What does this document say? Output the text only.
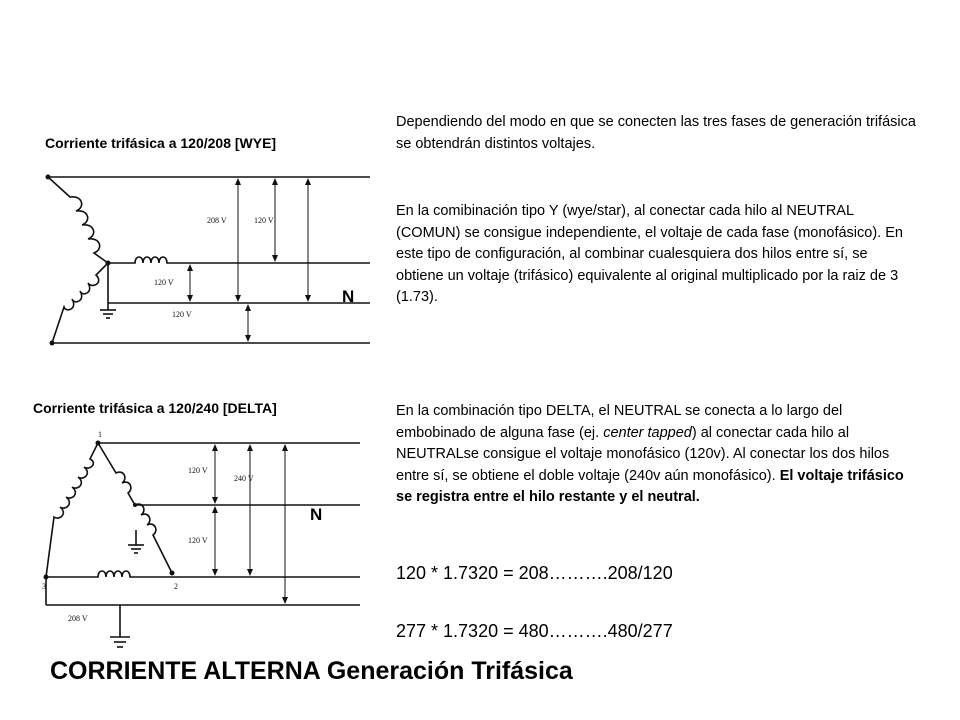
Corriente trifásica a 120/208 [WYE]
Corriente trifásica a 120/240 [DELTA]
208 V	120 V
120 V
120 V
N
1
2
3
120 V
240 V
120 V
208 V
N
Dependiendo del modo en que se conecten las tres fases de generación trifásica se obtendrán distintos voltajes.
En la comibinación tipo Y (wye/star), al conectar cada hilo al NEUTRAL (COMUN) se consigue independiente, el voltaje de cada fase (monofásico). En este tipo de configuración, al combinar cualesquiera dos hilos entre sí, se obtiene un voltaje (trifásico) equivalente al original multiplicado por la raiz de 3 (1.73).
En la combinación tipo DELTA, el NEUTRAL se conecta a lo largo del embobinado de alguna fase (ej. center tapped) al conectar cada hilo al NEUTRALse consigue el voltaje monofásico (120v). Al conectar los dos hilos entre sí, se obtiene el doble voltaje (240v aún monofásico). El voltaje trifásico se registra entre el hilo restante y el neutral.
120 * 1.7320 = 208……….208/120
277 * 1.7320 = 480……….480/277
CORRIENTE ALTERNA Generación Trifásica
